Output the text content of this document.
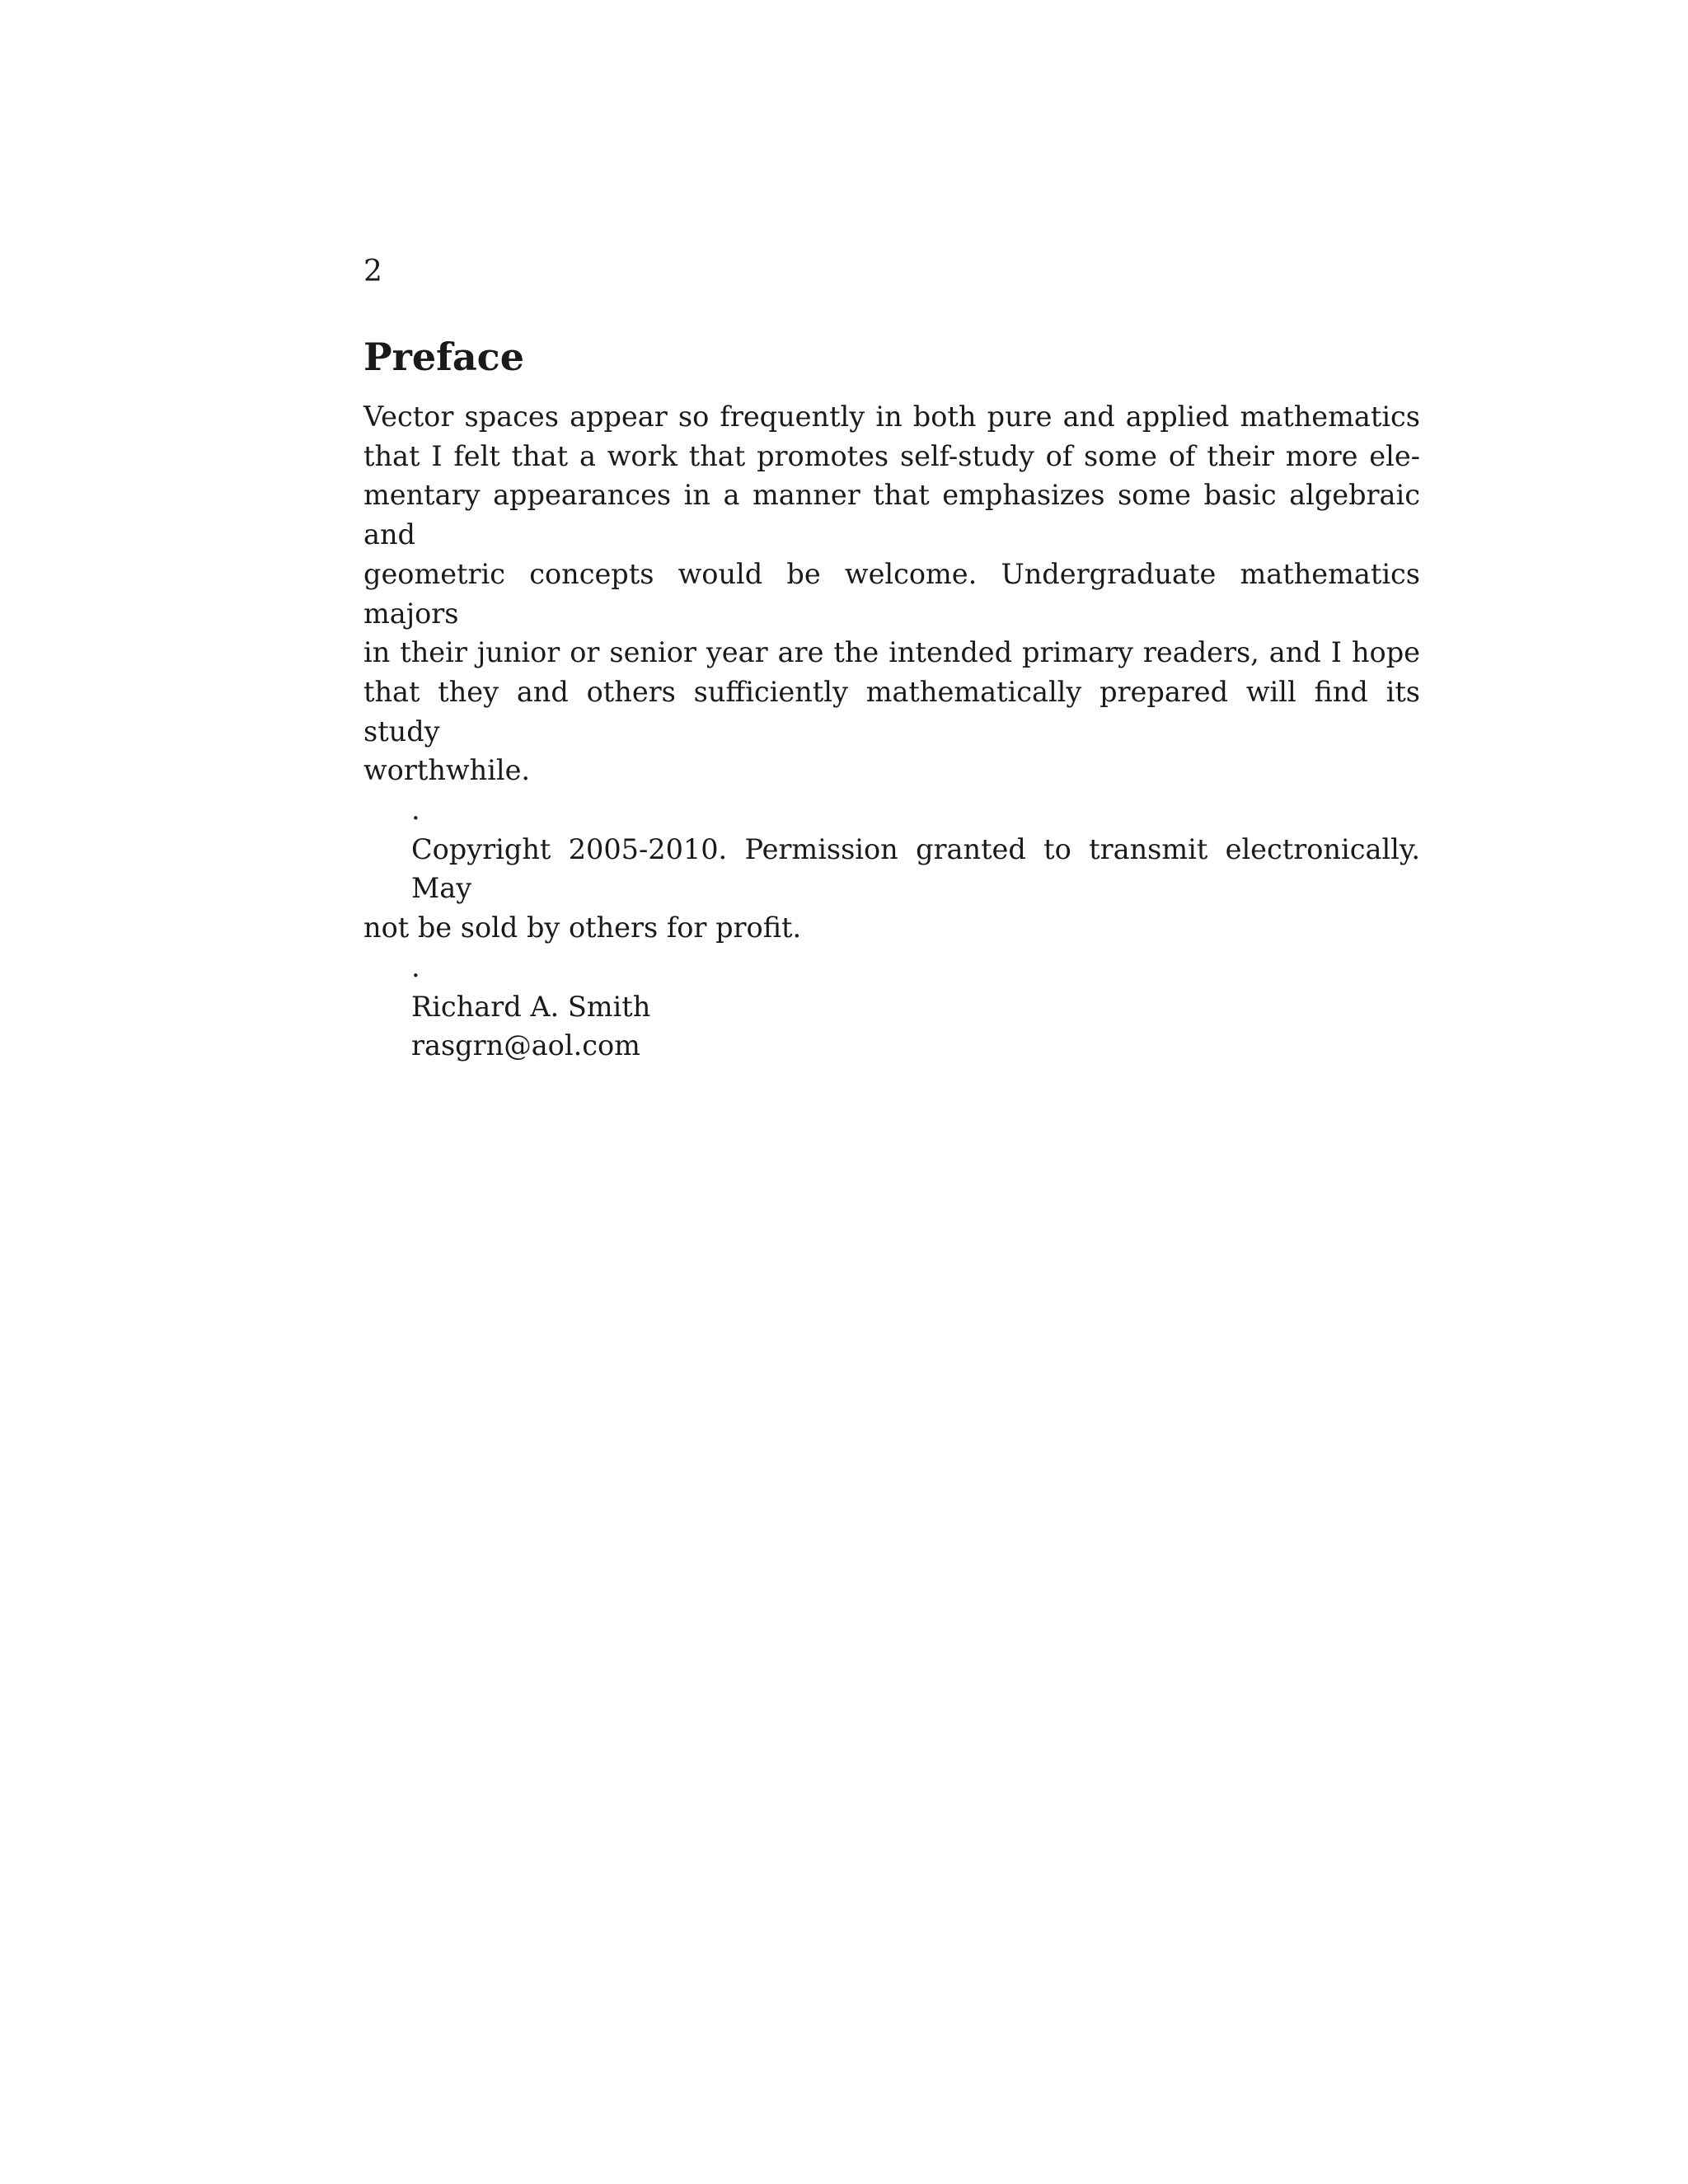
2

Preface
Vector spaces appear so frequently in both pure and applied mathematics
that I felt that a work that promotes self-study of some of their more ele-
mentary appearances in a manner that emphasizes some basic algebraic and
geometric concepts would be welcome. Undergraduate mathematics majors
in their junior or senior year are the intended primary readers, and I hope
that they and others sufficiently mathematically prepared will find its study
worthwhile.
.
Copyright 2005-2010. Permission granted to transmit electronically. May
not be sold by others for profit.
.
Richard A. Smith
rasgrn@aol.com
